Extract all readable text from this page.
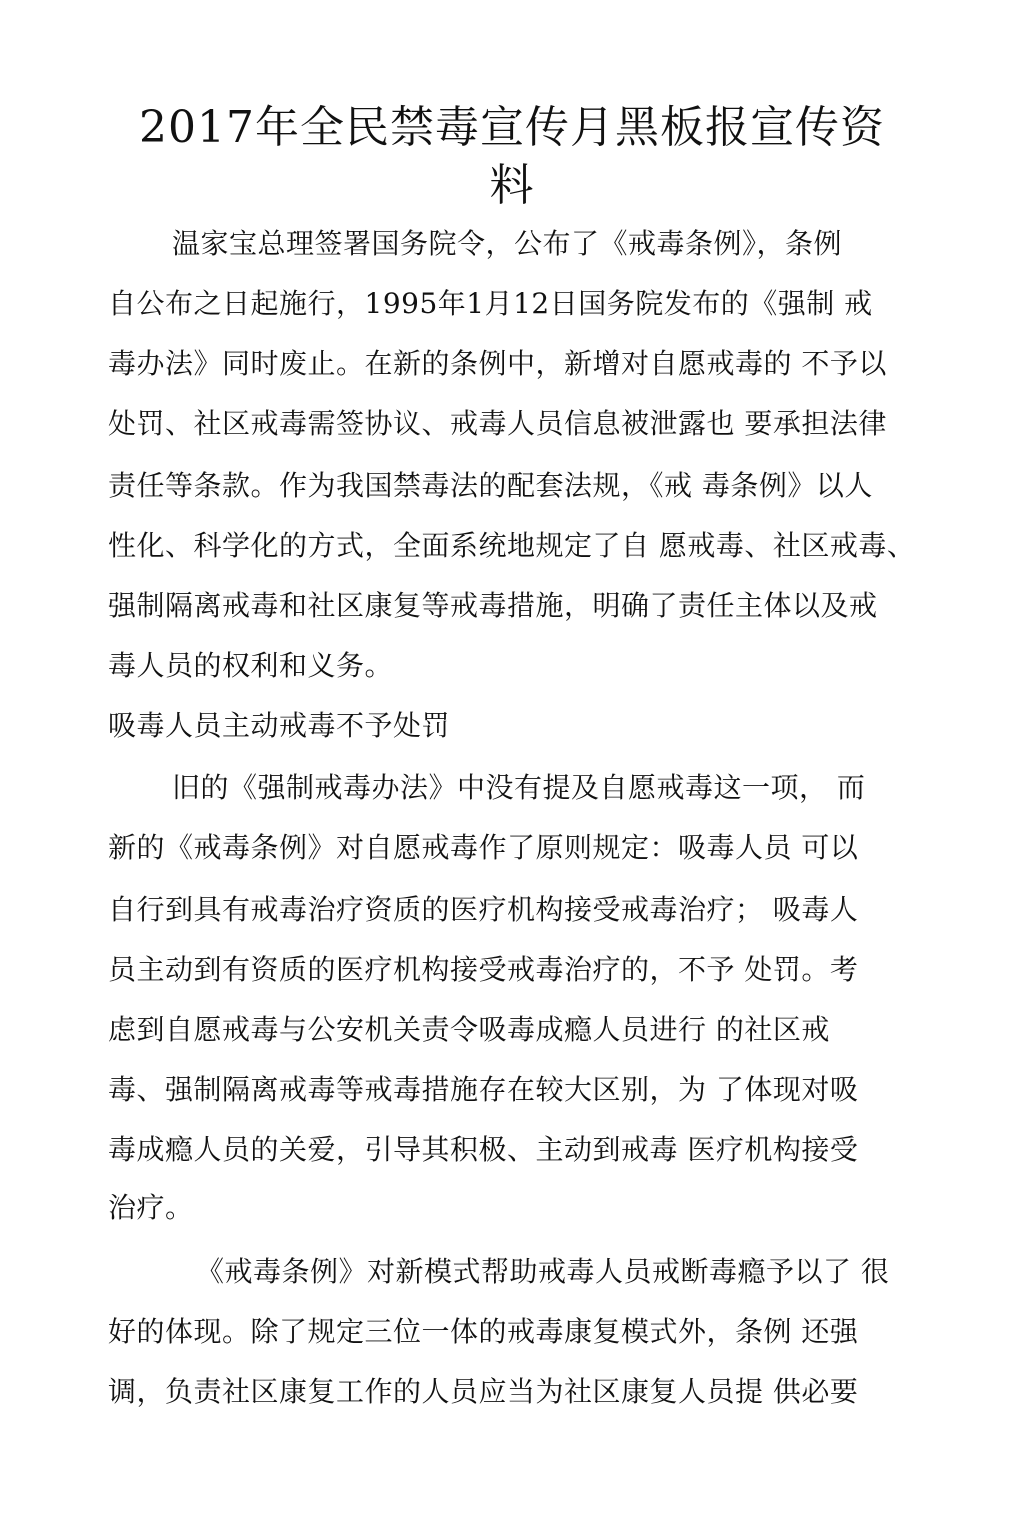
2017年全民禁毒宣传月黑板报宣传资
料

温家宝总理签署国务院令，公布了《戒毒条例》，条例

自公布之日起施行，1995年1月12日国务院发布的《强制 戒

毒办法》同时废止。在新的条例中，新增对自愿戒毒的 不予以

处罚、社区戒毒需签协议、戒毒人员信息被泄露也 要承担法律

责任等条款。作为我国禁毒法的配套法规，《戒 毒条例》以人

性化、科学化的方式，全面系统地规定了自 愿戒毒、社区戒毒、

强制隔离戒毒和社区康复等戒毒措施，明确了责任主体以及戒

毒人员的权利和义务。

吸毒人员主动戒毒不予处罚

旧的《强制戒毒办法》中没有提及自愿戒毒这一项， 而

新的《戒毒条例》对自愿戒毒作了原则规定：吸毒人员 可以

自行到具有戒毒治疗资质的医疗机构接受戒毒治疗； 吸毒人

员主动到有资质的医疗机构接受戒毒治疗的，不予 处罚。考

虑到自愿戒毒与公安机关责令吸毒成瘾人员进行 的社区戒

毒、强制隔离戒毒等戒毒措施存在较大区别，为 了体现对吸

毒成瘾人员的关爱，引导其积极、主动到戒毒 医疗机构接受

治疗。

《戒毒条例》对新模式帮助戒毒人员戒断毒瘾予以了 很

好的体现。除了规定三位一体的戒毒康复模式外，条例 还强

调，负责社区康复工作的人员应当为社区康复人员提 供必要
